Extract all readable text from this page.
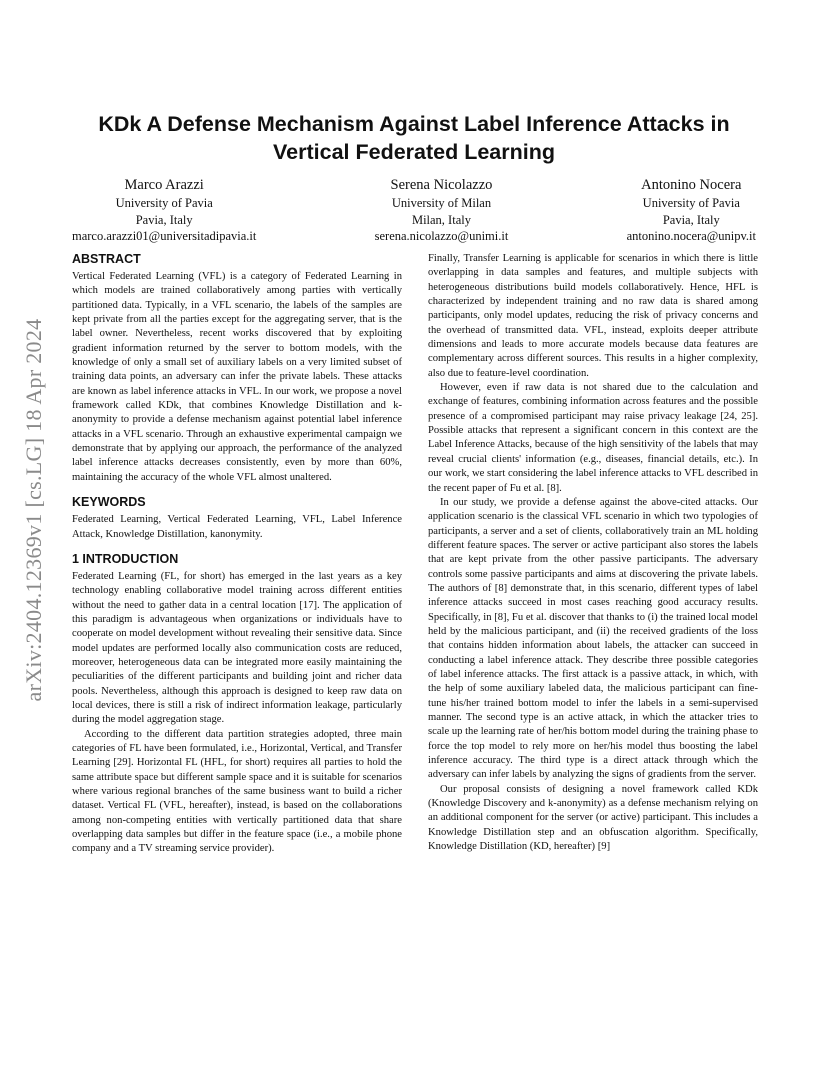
arXiv:2404.12369v1 [cs.LG] 18 Apr 2024
KDk A Defense Mechanism Against Label Inference Attacks in
Vertical Federated Learning
Marco Arazzi
University of Pavia
Pavia, Italy
marco.arazzi01@universitadipavia.it
Serena Nicolazzo
University of Milan
Milan, Italy
serena.nicolazzo@unimi.it
Antonino Nocera
University of Pavia
Pavia, Italy
antonino.nocera@unipv.it
ABSTRACT

Vertical Federated Learning (VFL) is a category of Federated Learning in which models are trained collaboratively among parties with vertically partitioned data. Typically, in a VFL scenario, the labels of the samples are kept private from all the parties except for the aggregating server, that is the label owner. Nevertheless, recent works discovered that by exploiting gradient information returned by the server to bottom models, with the knowledge of only a small set of auxiliary labels on a very limited subset of training data points, an adversary can infer the private labels. These attacks are known as label inference attacks in VFL. In our work, we propose a novel framework called KDk, that combines Knowledge Distillation and k-anonymity to provide a defense mechanism against potential label inference attacks in a VFL scenario. Through an exhaustive experimental campaign we demonstrate that by applying our approach, the performance of the analyzed label inference attacks decreases consistently, even by more than 60%, maintaining the accuracy of the whole VFL almost unaltered.

KEYWORDS

Federated Learning, Vertical Federated Learning, VFL, Label Inference Attack, Knowledge Distillation, kanonymity.

1 INTRODUCTION

Federated Learning (FL, for short) has emerged in the last years as a key technology enabling collaborative model training across different entities without the need to gather data in a central location [17]. The application of this paradigm is advantageous when organizations or individuals have to cooperate on model development without revealing their sensitive data. Since model updates are performed locally also communication costs are reduced, moreover, heterogeneous data can be integrated more easily maintaining the peculiarities of the different participants and building joint and richer data pools. Nevertheless, although this approach is designed to keep raw data on local devices, there is still a risk of indirect information leakage, particularly during the model aggregation stage.

According to the different data partition strategies adopted, three main categories of FL have been formulated, i.e., Horizontal, Vertical, and Transfer Learning [29]. Horizontal FL (HFL, for short) requires all parties to hold the same attribute space but different sample space and it is suitable for scenarios where various regional branches of the same business want to build a richer dataset. Vertical FL (VFL, hereafter), instead, is based on the collaborations among non-competing entities with vertically partitioned data that share overlapping data samples but differ in the feature space (i.e., a mobile phone company and a TV streaming service provider).

Finally, Transfer Learning is applicable for scenarios in which there is little overlapping in data samples and features, and multiple subjects with heterogeneous distributions build models collaboratively. Hence, HFL is characterized by independent training and no raw data is shared among participants, only model updates, reducing the risk of privacy concerns and the overhead of transmitted data. VFL, instead, exploits deeper attribute dimensions and leads to more accurate models because data features are complementary across different sources. This results in a higher complexity, also due to feature-level coordination.

However, even if raw data is not shared due to the calculation and exchange of features, combining information across features and the possible presence of a compromised participant may raise privacy leakage [24, 25]. Possible attacks that represent a significant concern in this context are the Label Inference Attacks, because of the high sensitivity of the labels that may reveal crucial clients' information (e.g., diseases, financial details, etc.). In our work, we start considering the label inference attacks to VFL described in the recent paper of Fu et al. [8].

In our study, we provide a defense against the above-cited attacks. Our application scenario is the classical VFL scenario in which two typologies of participants, a server and a set of clients, collaboratively train an ML holding different feature spaces. The server or active participant also stores the labels that are kept private from the other passive participants. The adversary controls some passive participants and aims at discovering the private labels. The authors of [8] demonstrate that, in this scenario, different types of label inference attacks succeed in most cases reaching good accuracy results. Specifically, in [8], Fu et al. discover that thanks to (i) the trained local model held by the malicious participant, and (ii) the received gradients of the loss that contains hidden information about labels, the attacker can succeed in conducting a label inference attack. They describe three possible categories of label inference attacks. The first attack is a passive attack, in which, with the help of some auxiliary labeled data, the malicious participant can fine-tune his/her trained bottom model to infer the labels in a semi-supervised manner. The second type is an active attack, in which the attacker tries to scale up the learning rate of her/his bottom model during the training phase to force the top model to rely more on her/his model thus boosting the label inference accuracy. The third type is a direct attack through which the adversary can infer labels by analyzing the signs of gradients from the server.

Our proposal consists of designing a novel framework called KDk (Knowledge Discovery and k-anonymity) as a defense mechanism relying on an additional component for the server (or active) participant. This includes a Knowledge Distillation step and an obfuscation algorithm. Specifically, Knowledge Distillation (KD, hereafter) [9]
